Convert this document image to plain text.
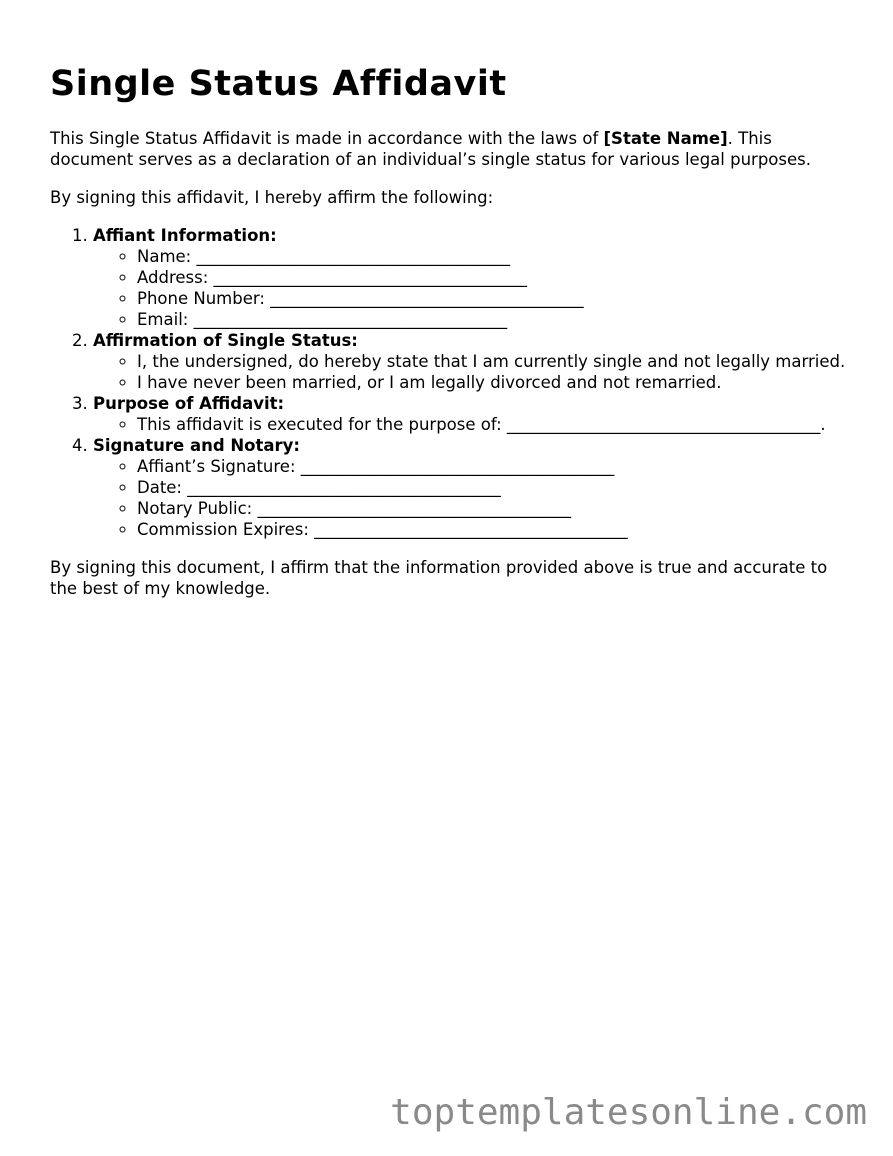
Single Status Affidavit

This Single Status Affidavit is made in accordance with the laws of [State Name]. This document serves as a declaration of an individual’s single status for various legal purposes.

By signing this affidavit, I hereby affirm the following:

1. Affiant Information:
◦ Name: ______________________________________
◦ Address: ______________________________________
◦ Phone Number: ______________________________________
◦ Email: ______________________________________
2. Affirmation of Single Status:
◦ I, the undersigned, do hereby state that I am currently single and not legally married.
◦ I have never been married, or I am legally divorced and not remarried.
3. Purpose of Affidavit:
◦ This affidavit is executed for the purpose of: ______________________________________.
4. Signature and Notary:
◦ Affiant’s Signature: ______________________________________
◦ Date: ______________________________________
◦ Notary Public: ______________________________________
◦ Commission Expires: ______________________________________

By signing this document, I affirm that the information provided above is true and accurate to the best of my knowledge.

toptemplatesonline.com
